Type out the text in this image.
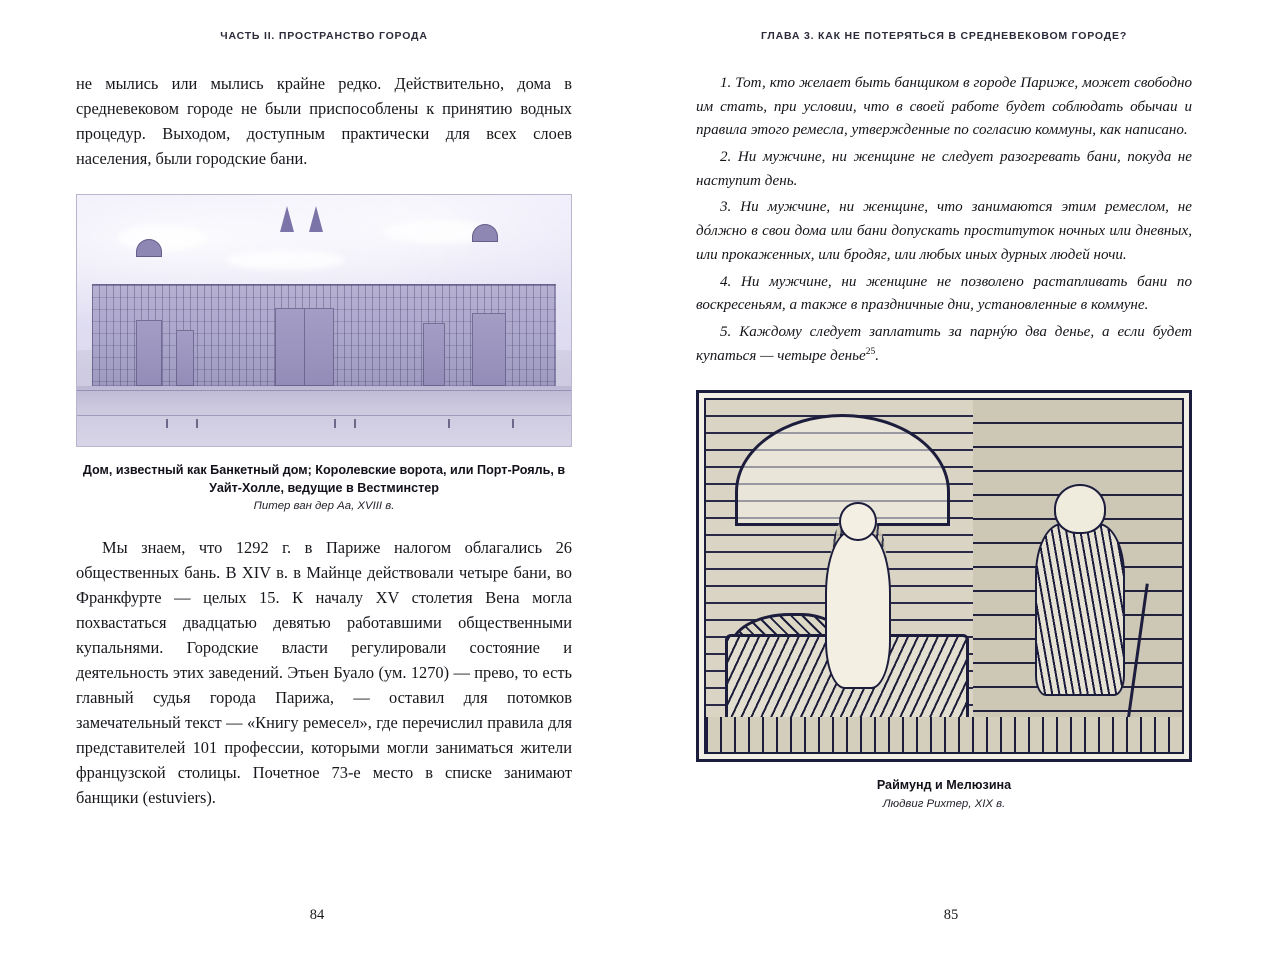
ЧАСТЬ II. ПРОСТРАНСТВО ГОРОДА

не мылись или мылись крайне редко. Действительно, дома в средневековом городе не были приспособлены к принятию водных процедур. Выходом, доступным практически для всех слоев населения, были городские бани.

Дом, известный как Банкетный дом; Королевские ворота, или Порт-Рояль, в Уайт-Холле, ведущие в Вестминстер
Питер ван дер Аа, XVIII в.

Мы знаем, что 1292 г. в Париже налогом облагались 26 общественных бань. В XIV в. в Майнце действовали четыре бани, во Франкфурте — целых 15. К началу XV столетия Вена могла похвастаться двадцатью девятью работавшими общественными купальнями. Городские власти регулировали состояние и деятельность этих заведений. Этьен Буало (ум. 1270) — прево, то есть главный судья города Парижа, — оставил для потомков замечательный текст — «Книгу ремесел», где перечислил правила для представителей 101 профессии, которыми могли заниматься жители французской столицы. Почетное 73-е место в списке занимают банщики (estuviers).

84
ГЛАВА 3. КАК НЕ ПОТЕРЯТЬСЯ В СРЕДНЕВЕКОВОМ ГОРОДЕ?

1. Тот, кто желает быть банщиком в городе Париже, может свободно им стать, при условии, что в своей работе будет соблюдать обычаи и правила этого ремесла, утвержденные по согласию коммуны, как написано.

2. Ни мужчине, ни женщине не следует разогревать бани, покуда не наступит день.

3. Ни мужчине, ни женщине, что занимаются этим ремеслом, не дóлжно в свои дома или бани допускать проституток ночных или дневных, или прокаженных, или бродяг, или любых иных дурных людей ночи.

4. Ни мужчине, ни женщине не позволено растапливать бани по воскресеньям, а также в праздничные дни, установленные в коммуне.

5. Каждому следует заплатить за парнýю два денье, а если будет купаться — четыре денье$^{25}$.

Раймунд и Мелюзина
Людвиг Рихтер, XIX в.
85
